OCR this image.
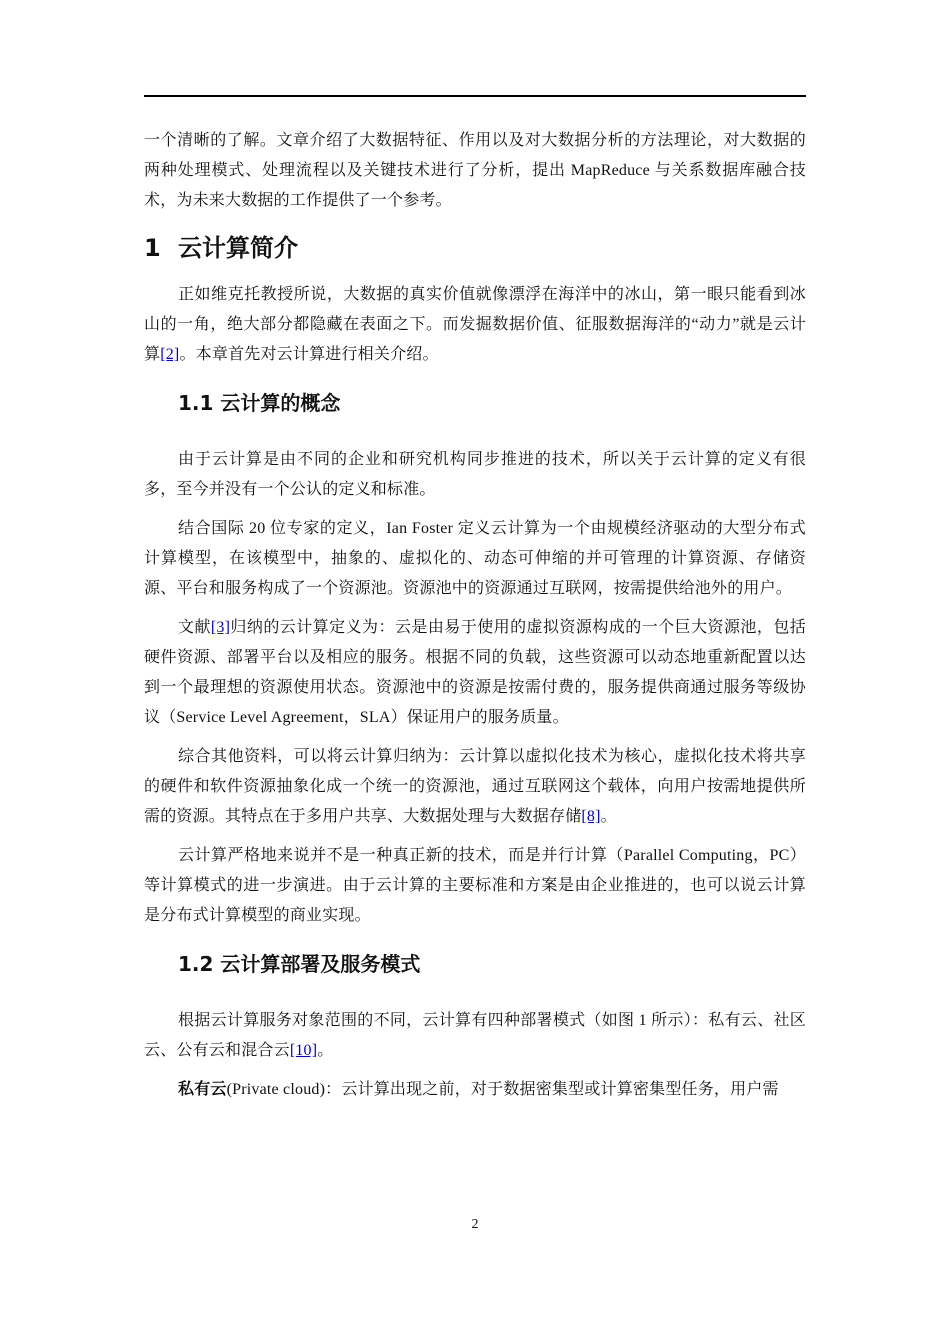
一个清晰的了解。文章介绍了大数据特征、作用以及对大数据分析的方法理论，对大数据的两种处理模式、处理流程以及关键技术进行了分析，提出 MapReduce 与关系数据库融合技术，为未来大数据的工作提供了一个参考。

1 云计算简介

正如维克托教授所说，大数据的真实价值就像漂浮在海洋中的冰山，第一眼只能看到冰山的一角，绝大部分都隐藏在表面之下。而发掘数据价值、征服数据海洋的“动力”就是云计算[2]。本章首先对云计算进行相关介绍。

1.1 云计算的概念

由于云计算是由不同的企业和研究机构同步推进的技术，所以关于云计算的定义有很多，至今并没有一个公认的定义和标准。

结合国际 20 位专家的定义，Ian Foster 定义云计算为一个由规模经济驱动的大型分布式计算模型，在该模型中，抽象的、虚拟化的、动态可伸缩的并可管理的计算资源、存储资源、平台和服务构成了一个资源池。资源池中的资源通过互联网，按需提供给池外的用户。

文献[3]归纳的云计算定义为：云是由易于使用的虚拟资源构成的一个巨大资源池，包括硬件资源、部署平台以及相应的服务。根据不同的负载，这些资源可以动态地重新配置以达到一个最理想的资源使用状态。资源池中的资源是按需付费的，服务提供商通过服务等级协议（Service Level Agreement，SLA）保证用户的服务质量。

综合其他资料，可以将云计算归纳为：云计算以虚拟化技术为核心，虚拟化技术将共享的硬件和软件资源抽象化成一个统一的资源池，通过互联网这个载体，向用户按需地提供所需的资源。其特点在于多用户共享、大数据处理与大数据存储[8]。

云计算严格地来说并不是一种真正新的技术，而是并行计算（Parallel Computing，PC）等计算模式的进一步演进。由于云计算的主要标准和方案是由企业推进的，也可以说云计算是分布式计算模型的商业实现。

1.2 云计算部署及服务模式

根据云计算服务对象范围的不同，云计算有四种部署模式（如图 1 所示）：私有云、社区云、公有云和混合云[10]。

私有云(Private cloud)：云计算出现之前，对于数据密集型或计算密集型任务，用户需

2
